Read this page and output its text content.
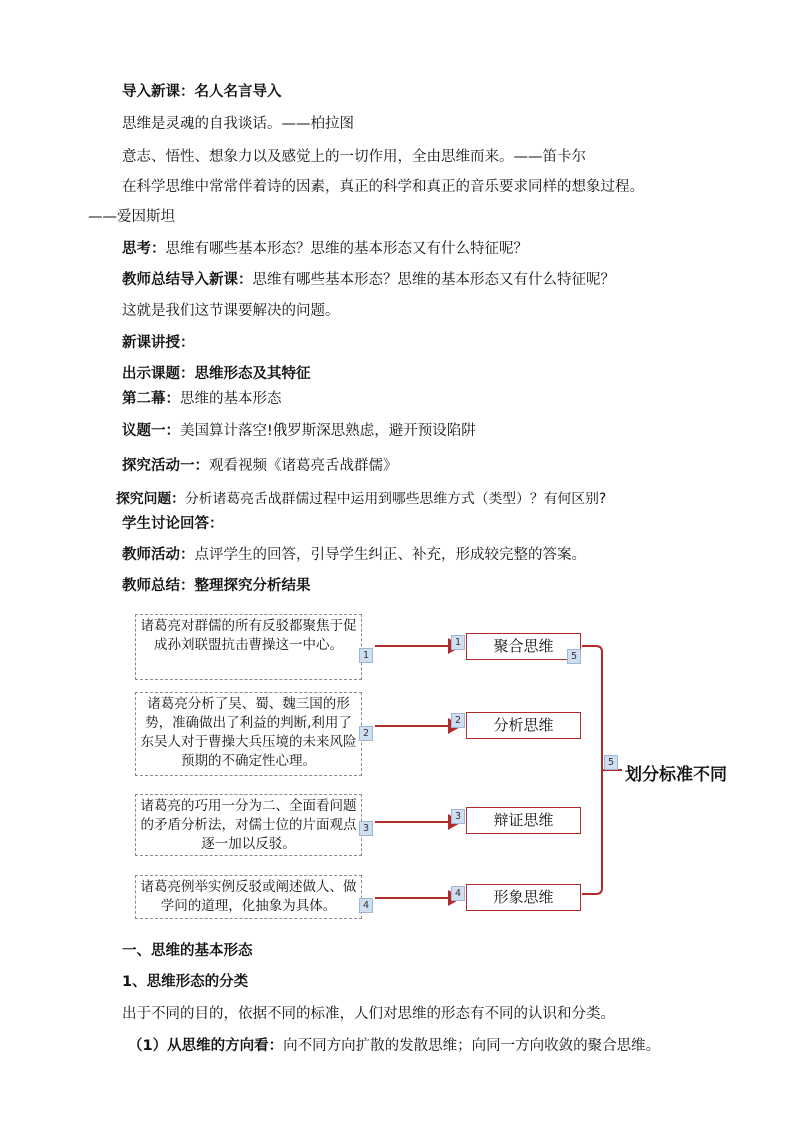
导入新课：名人名言导入
思维是灵魂的自我谈话。——柏拉图
意志、悟性、想象力以及感觉上的一切作用，全由思维而来。——笛卡尔
在科学思维中常常伴着诗的因素，真正的科学和真正的音乐要求同样的想象过程。
——爱因斯坦
思考：思维有哪些基本形态？思维的基本形态又有什么特征呢？
教师总结导入新课：思维有哪些基本形态？思维的基本形态又有什么特征呢？
这就是我们这节课要解决的问题。
新课讲授：
出示课题：思维形态及其特征
第二幕：思维的基本形态
议题一：美国算计落空!俄罗斯深思熟虑，避开预设陷阱
探究活动一：观看视频《诸葛亮舌战群儒》
探究问题：分析诸葛亮舌战群儒过程中运用到哪些思维方式（类型）？有何区别?
学生讨论回答：
教师活动：点评学生的回答，引导学生纠正、补充，形成较完整的答案。
教师总结：整理探究分析结果
诸葛亮对群儒的所有反驳都聚焦于促成孙刘联盟抗击曹操这一中心。
诸葛亮分析了吴、蜀、魏三国的形势，准确做出了利益的判断,利用了东吴人对于曹操大兵压境的未来风险预期的不确定性心理。
诸葛亮的巧用一分为二、全面看问题的矛盾分析法，对儒士位的片面观点逐一加以反驳。
诸葛亮例举实例反驳或阐述做人、做学问的道理，化抽象为具体。
1
2
3
4
1
2
3
4
聚合思维
分析思维
辩证思维
形象思维
5
5
划分标准不同
一、思维的基本形态
1、思维形态的分类
出于不同的目的，依据不同的标准，人们对思维的形态有不同的认识和分类。
（1）从思维的方向看：向不同方向扩散的发散思维；向同一方向收敛的聚合思维。
